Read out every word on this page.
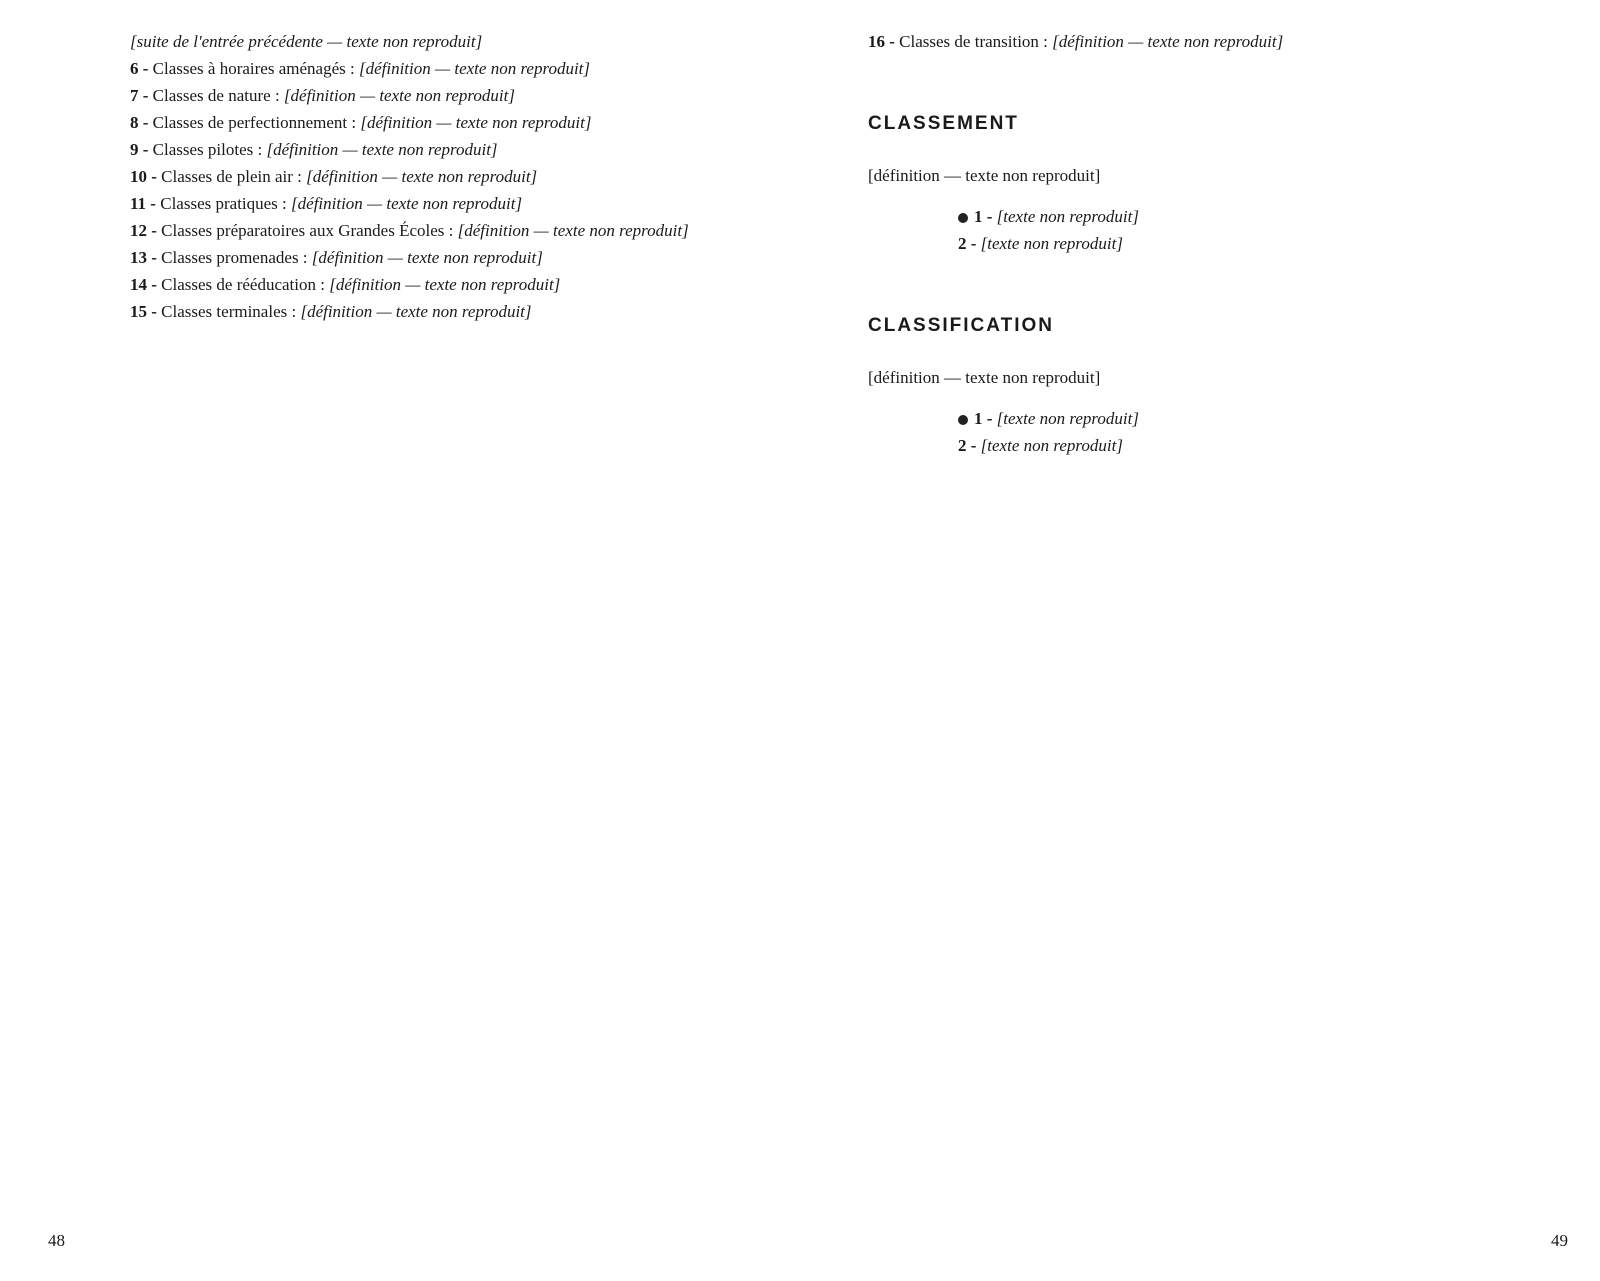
[suite de l'entrée précédente — texte non reproduit]

6 - Classes à horaires aménagés : [définition — texte non reproduit]

7 - Classes de nature : [définition — texte non reproduit]

8 - Classes de perfectionnement : [définition — texte non reproduit]

9 - Classes pilotes : [définition — texte non reproduit]

10 - Classes de plein air : [définition — texte non reproduit]

11 - Classes pratiques : [définition — texte non reproduit]

12 - Classes préparatoires aux Grandes Écoles : [définition — texte non reproduit]

13 - Classes promenades : [définition — texte non reproduit]

14 - Classes de rééducation : [définition — texte non reproduit]

15 - Classes terminales : [définition — texte non reproduit]

48

16 - Classes de transition : [définition — texte non reproduit]

CLASSEMENT

[définition — texte non reproduit]

1 - [texte non reproduit]

2 - [texte non reproduit]

CLASSIFICATION

[définition — texte non reproduit]

1 - [texte non reproduit]

2 - [texte non reproduit]

49
